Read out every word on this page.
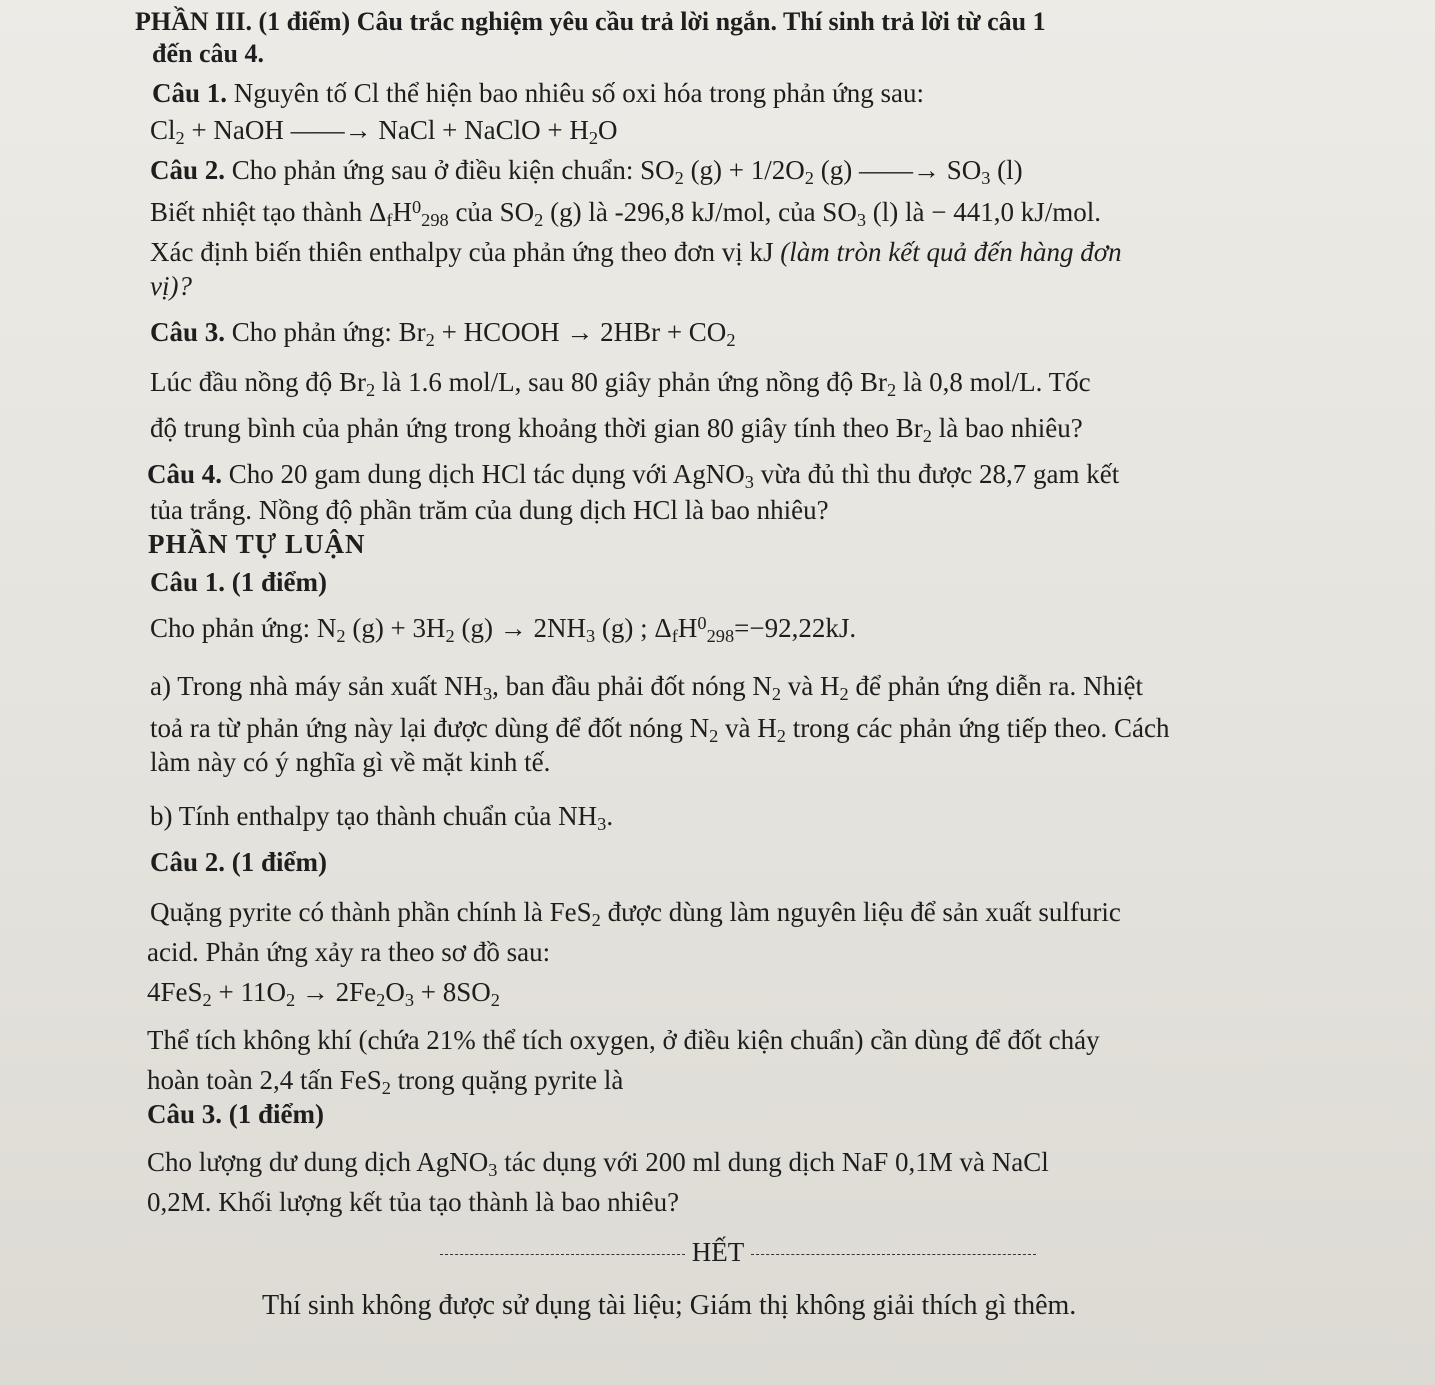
PHẦN III. (1 điểm) Câu trắc nghiệm yêu cầu trả lời ngắn. Thí sinh trả lời từ câu 1
đến câu 4.
Câu 1. Nguyên tố Cl thể hiện bao nhiêu số oxi hóa trong phản ứng sau:
$Cl_2$ + NaOH ——→ NaCl + NaClO + $H_2O$
Câu 2. Cho phản ứng sau ở điều kiện chuẩn: $SO_2$ $(g) + 1/2O_2$ (g) ——→ $SO_3$ (l)
Biết nhiệt tạo thành $\Delta_fH^0_{298}$ của $SO_2$ (g) là -296,8 kJ/mol, của $SO_3$ (l) là − 441,0 kJ/mol.
Xác định biến thiên enthalpy của phản ứng theo đơn vị kJ (làm tròn kết quả đến hàng đơn
vị)?
Câu 3. Cho phản ứng: $Br_2$ + HCOOH → $2HBr + CO_2$
Lúc đầu nồng độ $Br_2$ là 1.6 mol/L, sau 80 giây phản ứng nồng độ $Br_2$ là 0,8 mol/L. Tốc
độ trung bình của phản ứng trong khoảng thời gian 80 giây tính theo $Br_2$ là bao nhiêu?
Câu 4. Cho 20 gam dung dịch HCl tác dụng với AgNO$_3$ vừa đủ thì thu được 28,7 gam kết
tủa trắng. Nồng độ phần trăm của dung dịch HCl là bao nhiêu?
PHẦN TỰ LUẬN
Câu 1. (1 điểm)
Cho phản ứng: $N_2$ $(g) + 3H_2$ $(g) \to 2NH_3$ (g) ; $\Delta_fH^0_{298}=-92,22kJ$.
a) Trong nhà máy sản xuất $NH_3$, ban đầu phải đốt nóng $N_2$ và $H_2$ để phản ứng diễn ra. Nhiệt
toả ra từ phản ứng này lại được dùng để đốt nóng $N_2$ và $H_2$ trong các phản ứng tiếp theo. Cách
làm này có ý nghĩa gì về mặt kinh tế.
b) Tính enthalpy tạo thành chuẩn của $NH_3$.
Câu 2. (1 điểm)
Quặng pyrite có thành phần chính là FeS$_2$ được dùng làm nguyên liệu để sản xuất sulfuric
acid. Phản ứng xảy ra theo sơ đồ sau:
$4FeS_2 + 11O_2 \to 2Fe_2O_3 + 8SO_2$
Thể tích không khí (chứa 21% thể tích oxygen, ở điều kiện chuẩn) cần dùng để đốt cháy
hoàn toàn 2,4 tấn FeS$_2$ trong quặng pyrite là
Câu 3. (1 điểm)
Cho lượng dư dung dịch AgNO$_3$ tác dụng với 200 ml dung dịch NaF 0,1M và NaCl
0,2M. Khối lượng kết tủa tạo thành là bao nhiêu?
HẾT
Thí sinh không được sử dụng tài liệu; Giám thị không giải thích gì thêm.
